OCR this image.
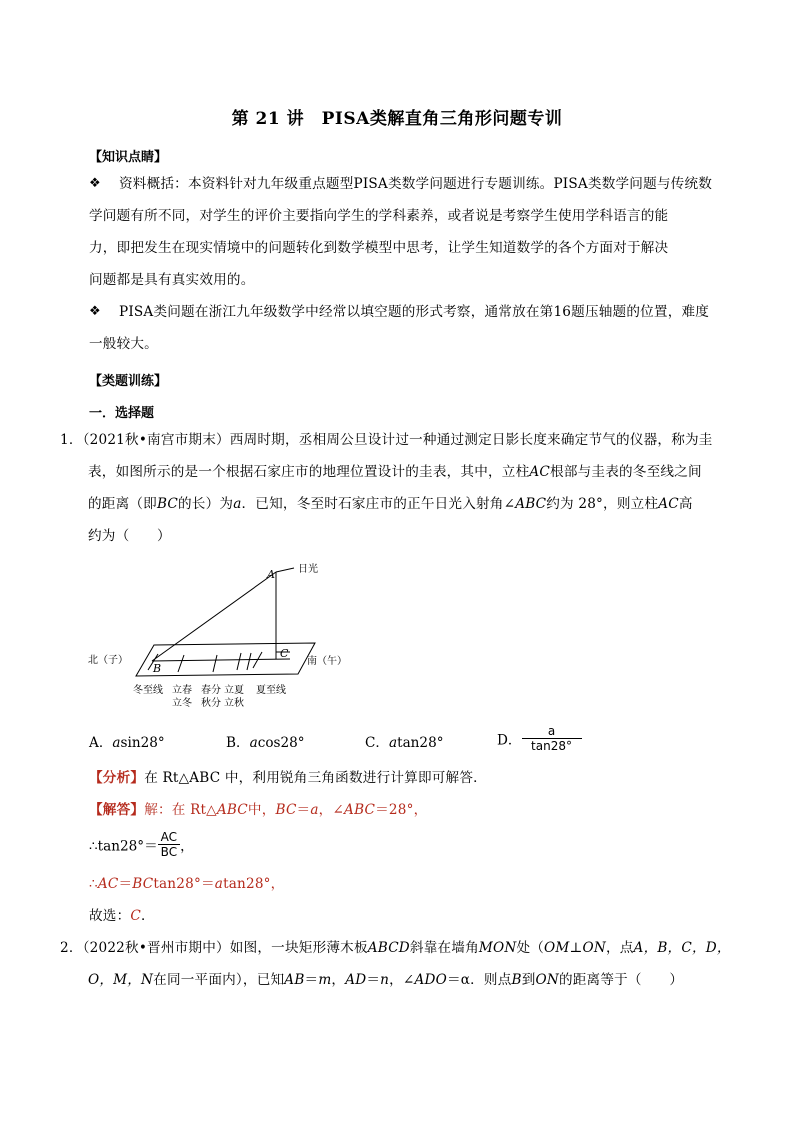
第 21 讲　PISA类解直角三角形问题专训
【知识点睛】
❖	资料概括：本资料针对九年级重点题型PISA类数学问题进行专题训练。PISA类数学问题与传统数
学问题有所不同，对学生的评价主要指向学生的学科素养，或者说是考察学生使用学科语言的能
力，即把发生在现实情境中的问题转化到数学模型中思考，让学生知道数学的各个方面对于解决
问题都是具有真实效用的。
❖	PISA类问题在浙江九年级数学中经常以填空题的形式考察，通常放在第16题压轴题的位置，难度
一般较大。
【类题训练】
一．选择题
1．（2021秋•南宫市期末）西周时期，丞相周公旦设计过一种通过测定日影长度来确定节气的仪器，称为圭
表，如图所示的是一个根据石家庄市的地理位置设计的圭表，其中，立柱AC根部与圭表的冬至线之间
的距离（即BC的长）为a．已知，冬至时石家庄市的正午日光入射角∠ABC约为 28°，则立柱AC高
约为（　　）
A 日光
B
C
北（子）	南（午）
冬至线 立春
立冬
春分
秋分
立夏
立秋
夏至线
A．asin28°	B．acos28°	C．atan28°	D． $\frac{a}{\tan 28^\circ}$
【分析】在 Rt△ABC 中，利用锐角三角函数进行计算即可解答．
【解答】解：在 Rt△ABC中，BC＝a，∠ABC＝28°，
∴tan28°＝ $\frac{AC}{BC}$ ，
∴AC＝BCtan28°＝atan28°，
故选：C．
2．（2022秋•晋州市期中）如图，一块矩形薄木板ABCD斜靠在墙角MON处（OM⊥ON，点A，B，C，D，
O，M，N在同一平面内），已知AB＝m，AD＝n，∠ADO＝α．则点B到ON的距离等于（　　）
